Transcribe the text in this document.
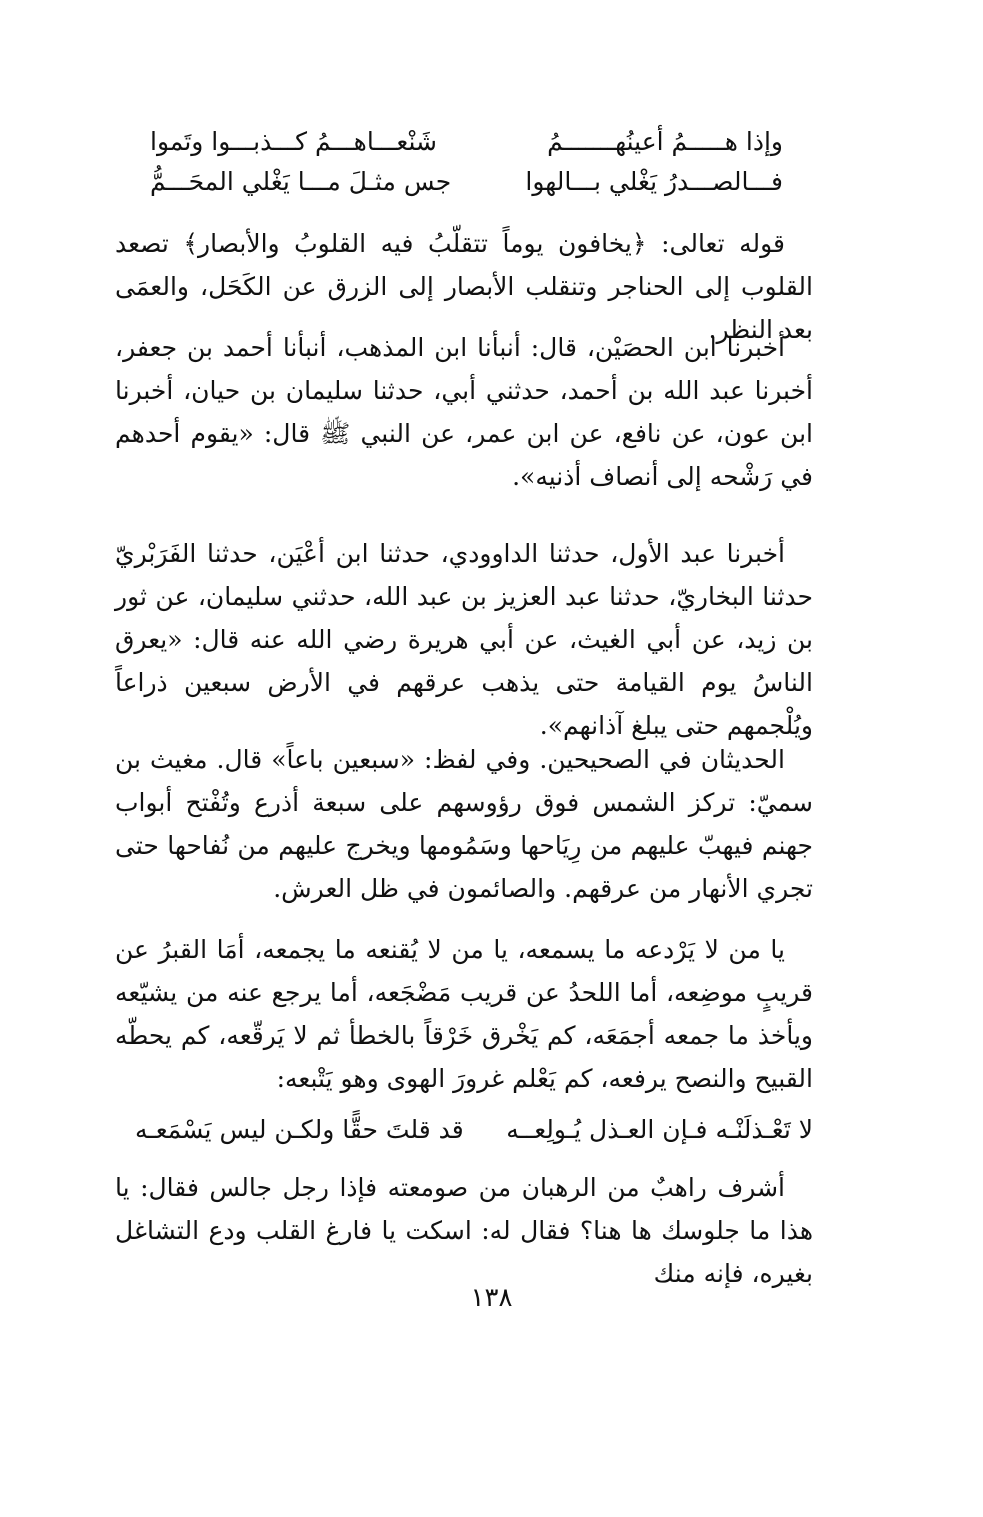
وإذا هـــــمُ أعينُهـــــــمُ
شَنْعـــاهـــمُ كـــذبـــوا وتَموا
فـــالصـــدرُ يَغْلي بـــالهوا
جس مثـلَ مـــا يَغْلي المحَـــمُّ

قوله تعالى: ﴿يخافون يوماً تتقلّبُ فيه القلوبُ والأبصار﴾ تصعد القلوب إلى الحناجر وتنقلب الأبصار إلى الزرق عن الكَحَل، والعمَى بعد النظر.

أخبرنا ابن الحصَيْن، قال: أنبأنا ابن المذهب، أنبأنا أحمد بن جعفر، أخبرنا عبد الله بن أحمد، حدثني أبي، حدثنا سليمان بن حيان، أخبرنا ابن عون، عن نافع، عن ابن عمر، عن النبي ﷺ قال: «يقوم أحدهم في رَشْحه إلى أنصاف أذنيه».

أخبرنا عبد الأول، حدثنا الداوودي، حدثنا ابن أعْيَن، حدثنا الفَرَبْريّ حدثنا البخاريّ، حدثنا عبد العزيز بن عبد الله، حدثني سليمان، عن ثور بن زيد، عن أبي الغيث، عن أبي هريرة رضي الله عنه قال: «يعرق الناسُ يوم القيامة حتى يذهب عرقهم في الأرض سبعين ذراعاً ويُلْجمهم حتى يبلغ آذانهم».

الحديثان في الصحيحين. وفي لفظ: «سبعين باعاً» قال. مغيث بن سميّ: تركز الشمس فوق رؤوسهم على سبعة أذرع وتُفْتح أبواب جهنم فيهبّ عليهم من رِيَاحها وسَمُومها ويخرج عليهم من نُفاحها حتى تجري الأنهار من عرقهم. والصائمون في ظل العرش.

يا من لا يَرْدعه ما يسمعه، يا من لا يُقنعه ما يجمعه، أمَا القبرُ عن قريبٍ موضِعه، أما اللحدُ عن قريب مَضْجَعه، أما يرجع عنه من يشيّعه ويأخذ ما جمعه أجمَعَه، كم يَخْرق خَرْقاً بالخطأ ثم لا يَرقّعه، كم يحطّه القبيح والنصح يرفعه، كم يَعْلم غرورَ الهوى وهو يَتْبعه:

لا تَعْـذلَنْـه فـإن العـذل يُـولِعــه
قد قلتَ حقًّا ولكـن ليس يَسْمَعـه

أشرف راهبٌ من الرهبان من صومعته فإذا رجل جالس فقال: يا هذا ما جلوسك ها هنا؟ فقال له: اسكت يا فارغ القلب ودع التشاغل بغيره، فإنه منك

١٣٨
